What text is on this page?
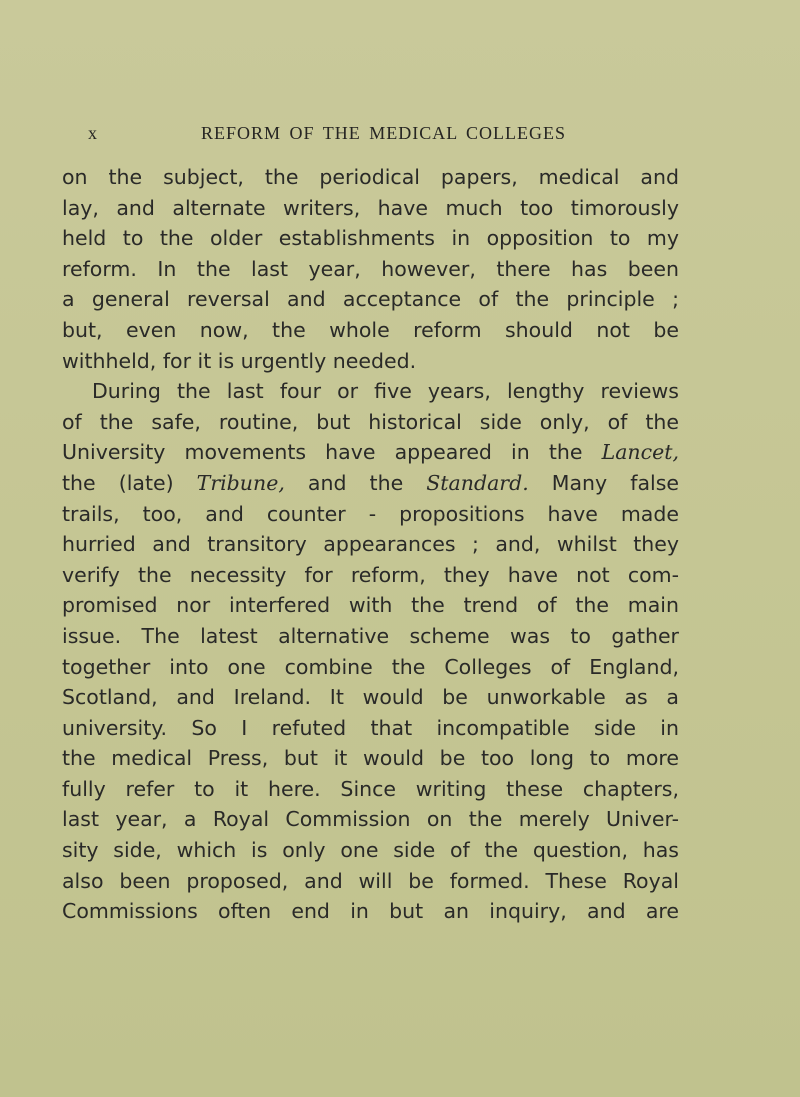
x	REFORM OF THE MEDICAL COLLEGES
on the subject, the periodical papers, medical and
lay, and alternate writers, have much too timorously
held to the older establishments in opposition to my
reform. In the last year, however, there has been
a general reversal and acceptance of the principle ;
but, even now, the whole reform should not be
withheld, for it is urgently needed.
During the last four or five years, lengthy reviews
of the safe, routine, but historical side only, of the
University movements have appeared in the Lancet,
the (late) Tribune, and the Standard. Many false
trails, too, and counter - propositions have made
hurried and transitory appearances ; and, whilst they
verify the necessity for reform, they have not com-
promised nor interfered with the trend of the main
issue. The latest alternative scheme was to gather
together into one combine the Colleges of England,
Scotland, and Ireland. It would be unworkable as a
university. So I refuted that incompatible side in
the medical Press, but it would be too long to more
fully refer to it here. Since writing these chapters,
last year, a Royal Commission on the merely Univer-
sity side, which is only one side of the question, has
also been proposed, and will be formed. These Royal
Commissions often end in but an inquiry, and are
